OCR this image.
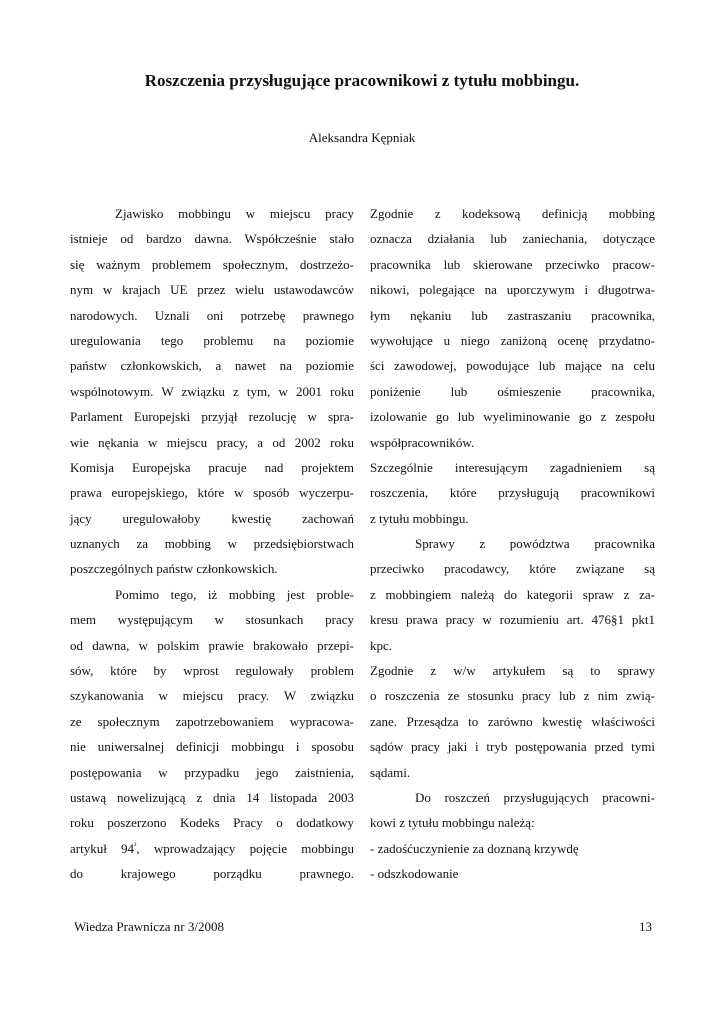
Roszczenia przysługujące pracownikowi z tytułu mobbingu.

Aleksandra Kępniak

Zjawisko mobbingu w miejscu pracy
istnieje od bardzo dawna. Współcześnie stało
się ważnym problemem społecznym, dostrzeżo-
nym w krajach UE przez wielu ustawodawców
narodowych. Uznali oni potrzebę prawnego
uregulowania tego problemu na poziomie
państw członkowskich, a nawet na poziomie
wspólnotowym. W związku z tym, w 2001 roku
Parlament Europejski przyjął rezolucję w spra-
wie nękania w miejscu pracy, a od 2002 roku
Komisja Europejska pracuje nad projektem
prawa europejskiego, które w sposób wyczerpu-
jący uregulowałoby kwestię zachowań
uznanych za mobbing w przedsiębiorstwach
poszczególnych państw członkowskich.
Pomimo tego, iż mobbing jest proble-
mem występującym w stosunkach pracy
od dawna, w polskim prawie brakowało przepi-
sów, które by wprost regulowały problem
szykanowania w miejscu pracy. W związku
ze społecznym zapotrzebowaniem wypracowa-
nie uniwersalnej definicji mobbingu i sposobu
postępowania w przypadku jego zaistnienia,
ustawą nowelizującą z dnia 14 listopada 2003
roku poszerzono Kodeks Pracy o dodatkowy
artykuł $94^{^3}$, wprowadzający pojęcie mobbingu
do krajowego porządku prawnego.
Zgodnie z kodeksową definicją mobbing
oznacza działania lub zaniechania, dotyczące
pracownika lub skierowane przeciwko pracow-
nikowi, polegające na uporczywym i długotrwa-
łym nękaniu lub zastraszaniu pracownika,
wywołujące u niego zaniżoną ocenę przydatno-
ści zawodowej, powodujące lub mające na celu
poniżenie lub ośmieszenie pracownika,
izolowanie go lub wyeliminowanie go z zespołu
współpracowników.
Szczególnie interesującym zagadnieniem są
roszczenia, które przysługują pracownikowi
z tytułu mobbingu.
Sprawy z powództwa pracownika
przeciwko pracodawcy, które związane są
z mobbingiem należą do kategorii spraw z za-
kresu prawa pracy w rozumieniu art. 476§1 pkt1
kpc.
Zgodnie z w/w artykułem są to sprawy
o roszczenia ze stosunku pracy lub z nim zwią-
zane. Przesądza to zarówno kwestię właściwości
sądów pracy jaki i tryb postępowania przed tymi
sądami.
Do roszczeń przysługujących pracowni-
kowi z tytułu mobbingu należą:
- zadośćuczynienie za doznaną krzywdę
- odszkodowanie
Wiedza Prawnicza nr 3/2008	13
